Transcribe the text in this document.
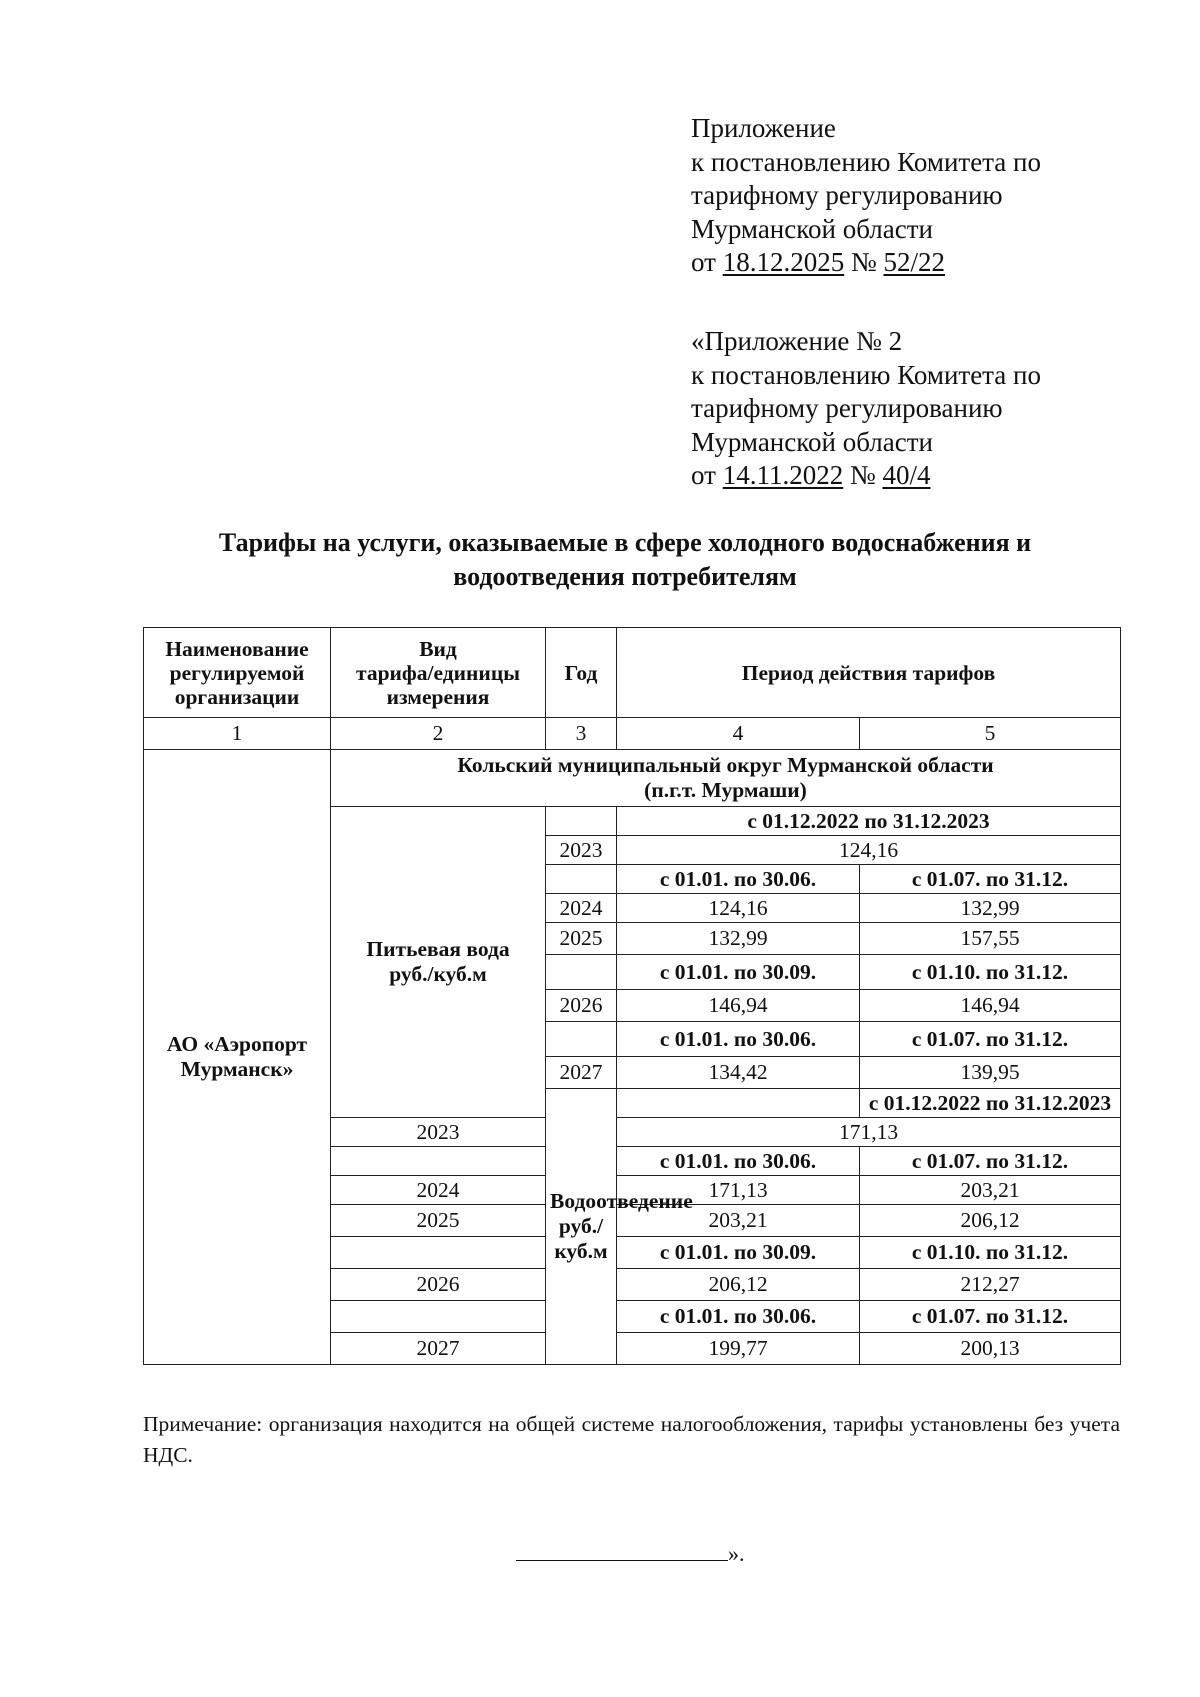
Приложение
к постановлению Комитета по
тарифному регулированию
Мурманской области
от 18.12.2025 № 52/22
«Приложение № 2
к постановлению Комитета по
тарифному регулированию
Мурманской области
от 14.11.2022 № 40/4
Тарифы на услуги, оказываемые в сфере холодного водоснабжения и
водоотведения потребителям
Наименование
регулируемой
организации	Вид
тарифа/единицы
измерения	Год	Период действия тарифов	
1	2	3	4	5

АО «Аэропорт
Мурманск»	Кольский муниципальный округ Мурманской области
(п.г.т. Мурмаши)			

	Питьевая вода
руб./куб.м		с 01.12.2022 по 31.12.2023	
		2023	124,16	
			с 01.01. по 30.06.	с 01.07. по 31.12.
		2024	124,16	132,99
		2025	132,99	157,55
			с 01.01. по 30.09.	с 01.10. по 31.12.
		2026	146,94	146,94
			с 01.01. по 30.06.	с 01.07. по 31.12.
		2027	134,42	139,95

		Водоотведение
руб./куб.м		с 01.12.2022 по 31.12.2023
	2023		171,13	
			с 01.01. по 30.06.	с 01.07. по 31.12.
	2024		171,13	203,21
	2025		203,21	206,12
			с 01.01. по 30.09.	с 01.10. по 31.12.
	2026		206,12	212,27
			с 01.01. по 30.06.	с 01.07. по 31.12.
	2027		199,77	200,13
Примечание: организация находится на общей системе налогообложения, тарифы установлены без учета НДС.
».
